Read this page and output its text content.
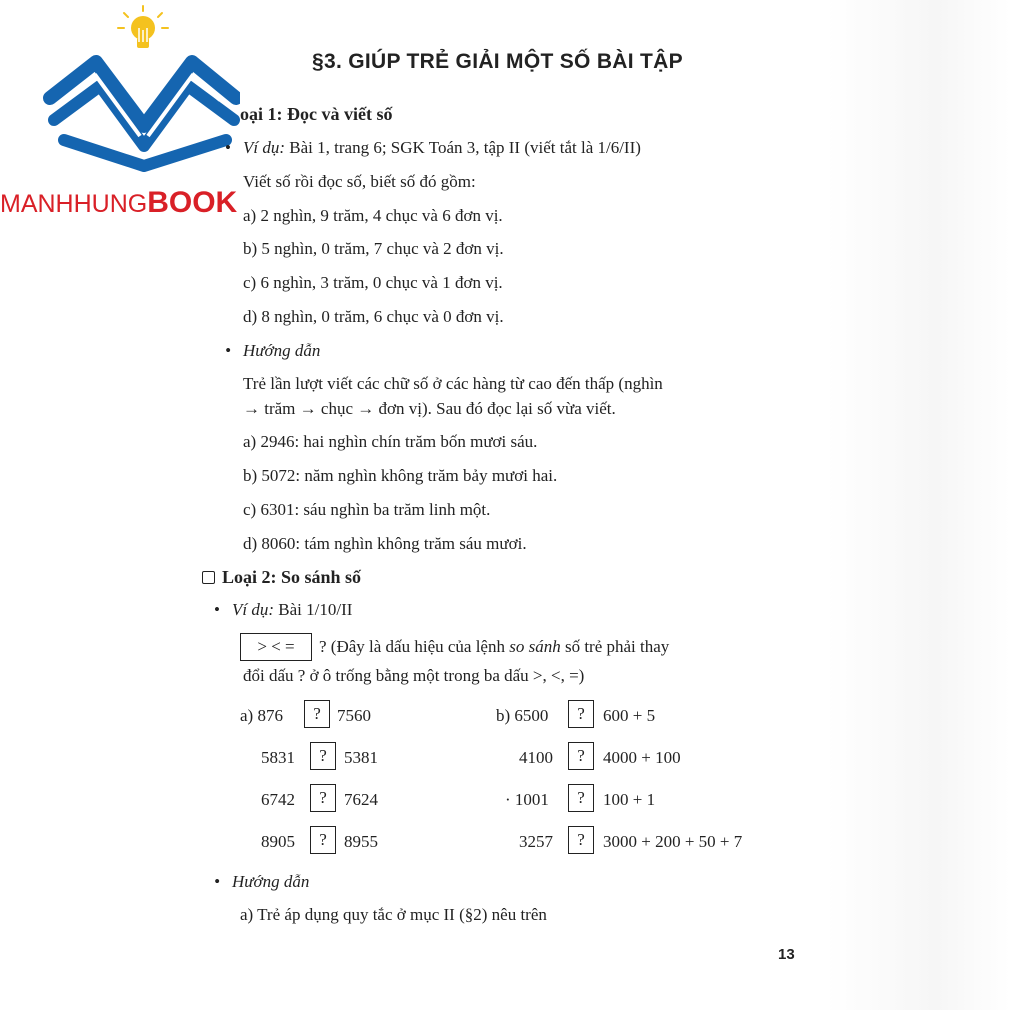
MANHHUNGBOOK
§3. GIÚP TRẺ GIẢI MỘT SỐ BÀI TẬP
oại 1: Đọc và viết số
• Ví dụ: Bài 1, trang 6; SGK Toán 3, tập II (viết tắt là 1/6/II)
Viết số rồi đọc số, biết số đó gồm:
a) 2 nghìn, 9 trăm, 4 chục và 6 đơn vị.
b) 5 nghìn, 0 trăm, 7 chục và 2 đơn vị.
c) 6 nghìn, 3 trăm, 0 chục và 1 đơn vị.
d) 8 nghìn, 0 trăm, 6 chục và 0 đơn vị.
• Hướng dẫn
Trẻ lần lượt viết các chữ số ở các hàng từ cao đến thấp (nghìn
→ trăm → chục → đơn vị). Sau đó đọc lại số vừa viết.
a) 2946: hai nghìn chín trăm bốn mươi sáu.
b) 5072: năm nghìn không trăm bảy mươi hai.
c) 6301: sáu nghìn ba trăm linh một.
d) 8060: tám nghìn không trăm sáu mươi.
Loại 2: So sánh số
• Ví dụ: Bài 1/10/II
> < =	? (Đây là dấu hiệu của lệnh so sánh số trẻ phải thay
đổi dấu ? ở ô trống bằng một trong ba dấu >, <, =)
a) 876	? 7560
5831	?	5381
6742	?	7624
8905	?	8955
b) 6500	?	600 + 5
4100	?	4000 + 100
· 1001	?	100 + 1
3257	?	3000 + 200 + 50 + 7
• Hướng dẫn
a) Trẻ áp dụng quy tắc ở mục II (§2) nêu trên
13
